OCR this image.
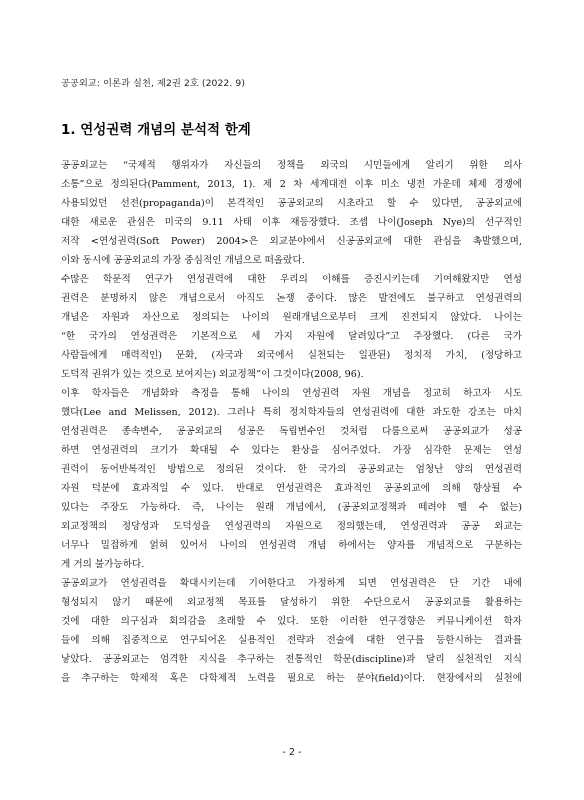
공공외교: 이론과 실천, 제2권 2호 (2022. 9)
1. 연성권력 개념의 분석적 한계
공공외교는 “국제적 행위자가 자신들의 정책을 외국의 시민들에게 알리기 위한 의사
소통”으로 정의된다(Pamment, 2013, 1). 제 2 차 세계대전 이후 미소 냉전 가운데 체제 경쟁에
사용되었던 선전(propaganda)이 본격적인 공공외교의 시초라고 할 수 있다면, 공공외교에
대한 새로운 관심은 미국의 9.11 사태 이후 재등장했다. 조셉 나이(Joseph Nye)의 선구적인
저작 <연성권력(Soft Power) 2004>은 외교분야에서 신공공외교에 대한 관심을 촉발했으며,
이와 동시에 공공외교의 가장 중심적인 개념으로 떠올랐다.
수많은 학문적 연구가 연성권력에 대한 우리의 이해를 증진시키는데 기여해왔지만 연성
권력은 분명하지 않은 개념으로서 아직도 논쟁 중이다. 많은 발전에도 불구하고 연성권력의
개념은 자원과 자산으로 정의되는 나이의 원래개념으로부터 크게 진전되지 않았다. 나이는
“한 국가의 연성권력은 기본적으로 세 가지 자원에 달려있다”고 주장했다. (다른 국가
사람들에게 매력적인) 문화, (자국과 외국에서 실천되는 일관된) 정치적 가치, (정당하고
도덕적 권위가 있는 것으로 보여지는) 외교정책”이 그것이다(2008, 96).
이후 학자들은 개념화와 측정을 통해 나이의 연성권력 자원 개념을 정교히 하고자 시도
했다(Lee and Melissen, 2012). 그러나 특히 정치학자들의 연성권력에 대한 과도한 강조는 마치
연성권력은 종속변수, 공공외교의 성공은 독립변수인 것처럼 다룸으로써 공공외교가 성공
하면 연성권력의 크기가 확대될 수 있다는 환상을 심어주었다. 가장 심각한 문제는 연성
권력이 동어반복적인 방법으로 정의된 것이다. 한 국가의 공공외교는 엄청난 양의 연성권력
자원 덕분에 효과적일 수 있다. 반대로 연성권력은 효과적인 공공외교에 의해 향상될 수
있다는 주장도 가능하다. 즉, 나이는 원래 개념에서, (공공외교정책과 떼려야 뗄 수 없는)
외교정책의 정당성과 도덕성을 연성권력의 자원으로 정의했는데, 연성권력과 공공 외교는
너무나 밀접하게 얽혀 있어서 나이의 연성권력 개념 하에서는 양자를 개념적으로 구분하는
게 거의 불가능하다.
공공외교가 연성권력을 확대시키는데 기여한다고 가정하게 되면 연성권력은 단 기간 내에
형성되지 않기 때문에 외교정책 목표를 달성하기 위한 수단으로서 공공외교를 활용하는
것에 대한 의구심과 회의감을 초래할 수 있다. 또한 이러한 연구경향은 커뮤니케이션 학자
들에 의해 집중적으로 연구되어온 실용적인 전략과 전술에 대한 연구를 등한시하는 결과를
낳았다. 공공외교는 엄격한 지식을 추구하는 전통적인 학문(discipline)과 달리 실천적인 지식
을 추구하는 학제적 혹은 다학제적 노력을 필요로 하는 분야(field)이다. 현장에서의 실천에
- 2 -
